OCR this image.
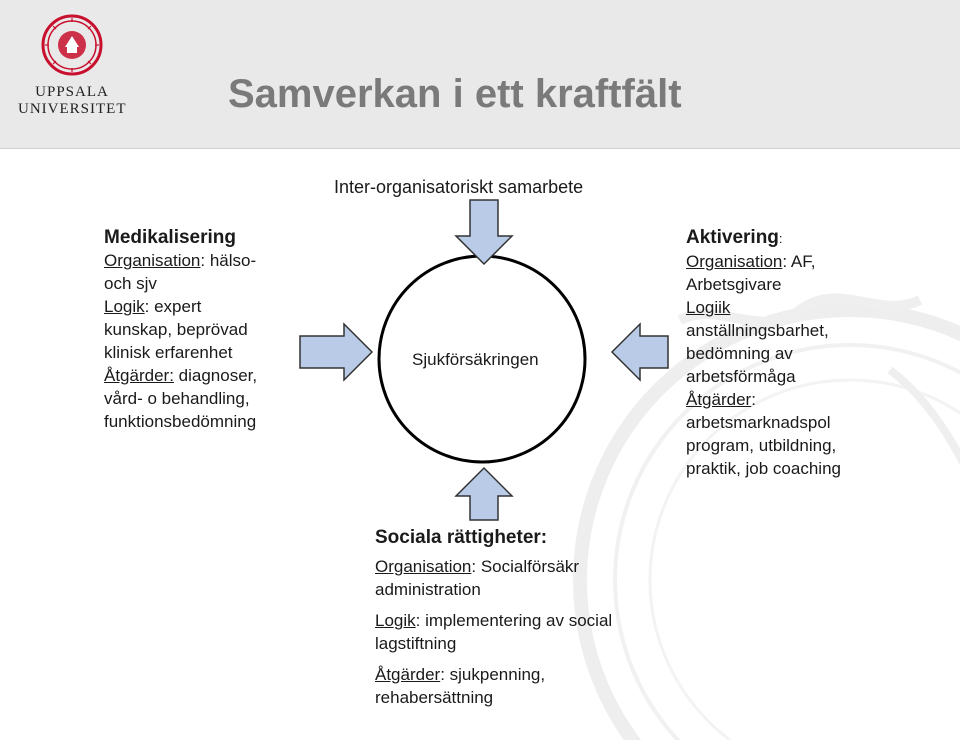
UPPSALA
UNIVERSITET	Samverkan i ett kraftfält
Inter-organisatoriskt samarbete
Sjukförsäkringen
Medikalisering
Organisation: hälso-
och sjv
Logik: expert
kunskap, beprövad
klinisk erfarenhet
Åtgärder: diagnoser,
vård- o behandling,
funktionsbedömning
Aktivering:
Organisation: AF,
Arbetsgivare
Logiik
anställningsbarhet,
bedömning av
arbetsförmåga
Åtgärder:
arbetsmarknadspol
program, utbildning,
praktik, job coaching
Sociala rättigheter:
Organisation: Socialförsäkr
administration
Logik: implementering av social
lagstiftning
Åtgärder: sjukpenning,
rehabersättning
